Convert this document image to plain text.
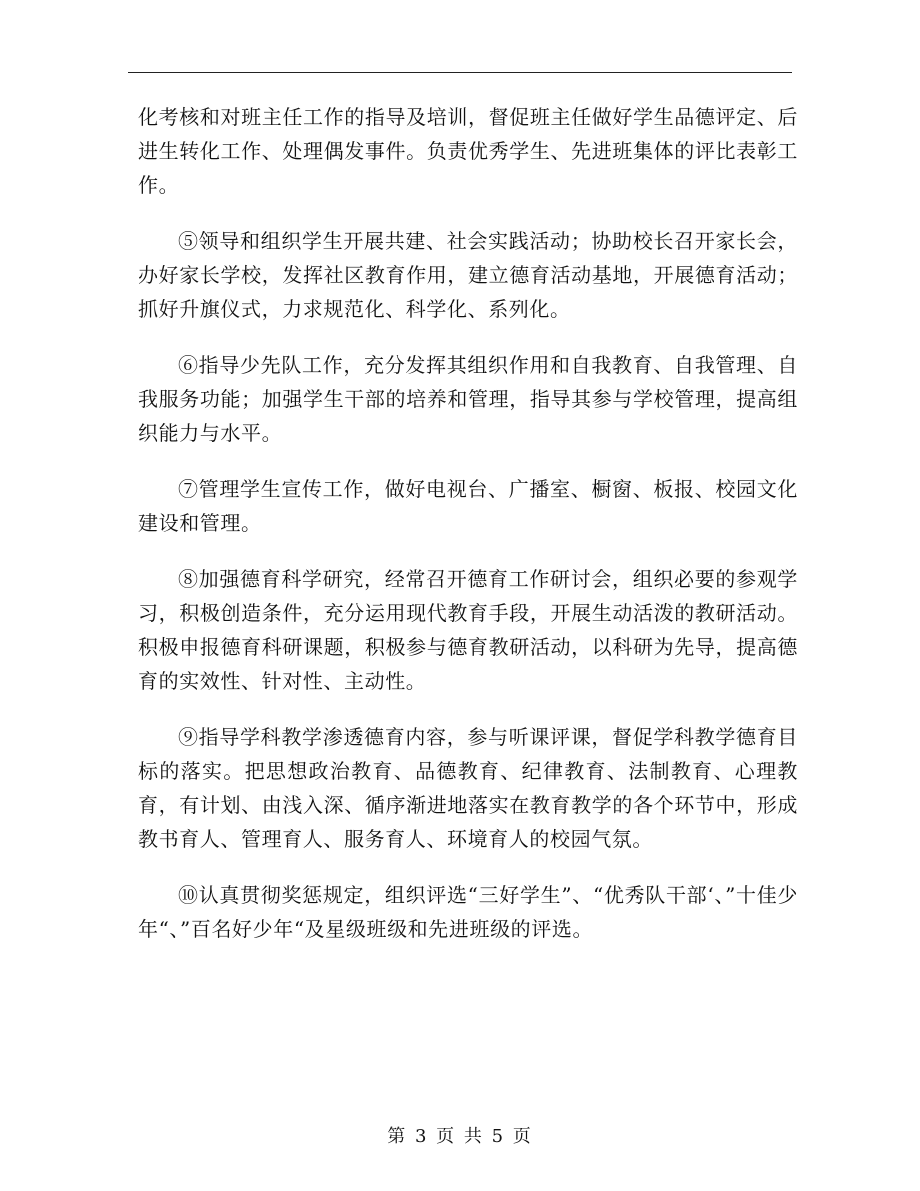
化考核和对班主任工作的指导及培训，督促班主任做好学生品德评定、后进生转化工作、处理偶发事件。负责优秀学生、先进班集体的评比表彰工作。

⑤领导和组织学生开展共建、社会实践活动；协助校长召开家长会，办好家长学校，发挥社区教育作用，建立德育活动基地，开展德育活动；抓好升旗仪式，力求规范化、科学化、系列化。

⑥指导少先队工作，充分发挥其组织作用和自我教育、自我管理、自我服务功能；加强学生干部的培养和管理，指导其参与学校管理，提高组织能力与水平。

⑦管理学生宣传工作，做好电视台、广播室、橱窗、板报、校园文化建设和管理。

⑧加强德育科学研究，经常召开德育工作研讨会，组织必要的参观学习，积极创造条件，充分运用现代教育手段，开展生动活泼的教研活动。积极申报德育科研课题，积极参与德育教研活动，以科研为先导，提高德育的实效性、针对性、主动性。

⑨指导学科教学渗透德育内容，参与听课评课，督促学科教学德育目标的落实。把思想政治教育、品德教育、纪律教育、法制教育、心理教育，有计划、由浅入深、循序渐进地落实在教育教学的各个环节中，形成教书育人、管理育人、服务育人、环境育人的校园气氛。

⑩认真贯彻奖惩规定，组织评选“三好学生”、“优秀队干部‘、”十佳少年“、”百名好少年“及星级班级和先进班级的评选。

第 3 页 共 5 页
